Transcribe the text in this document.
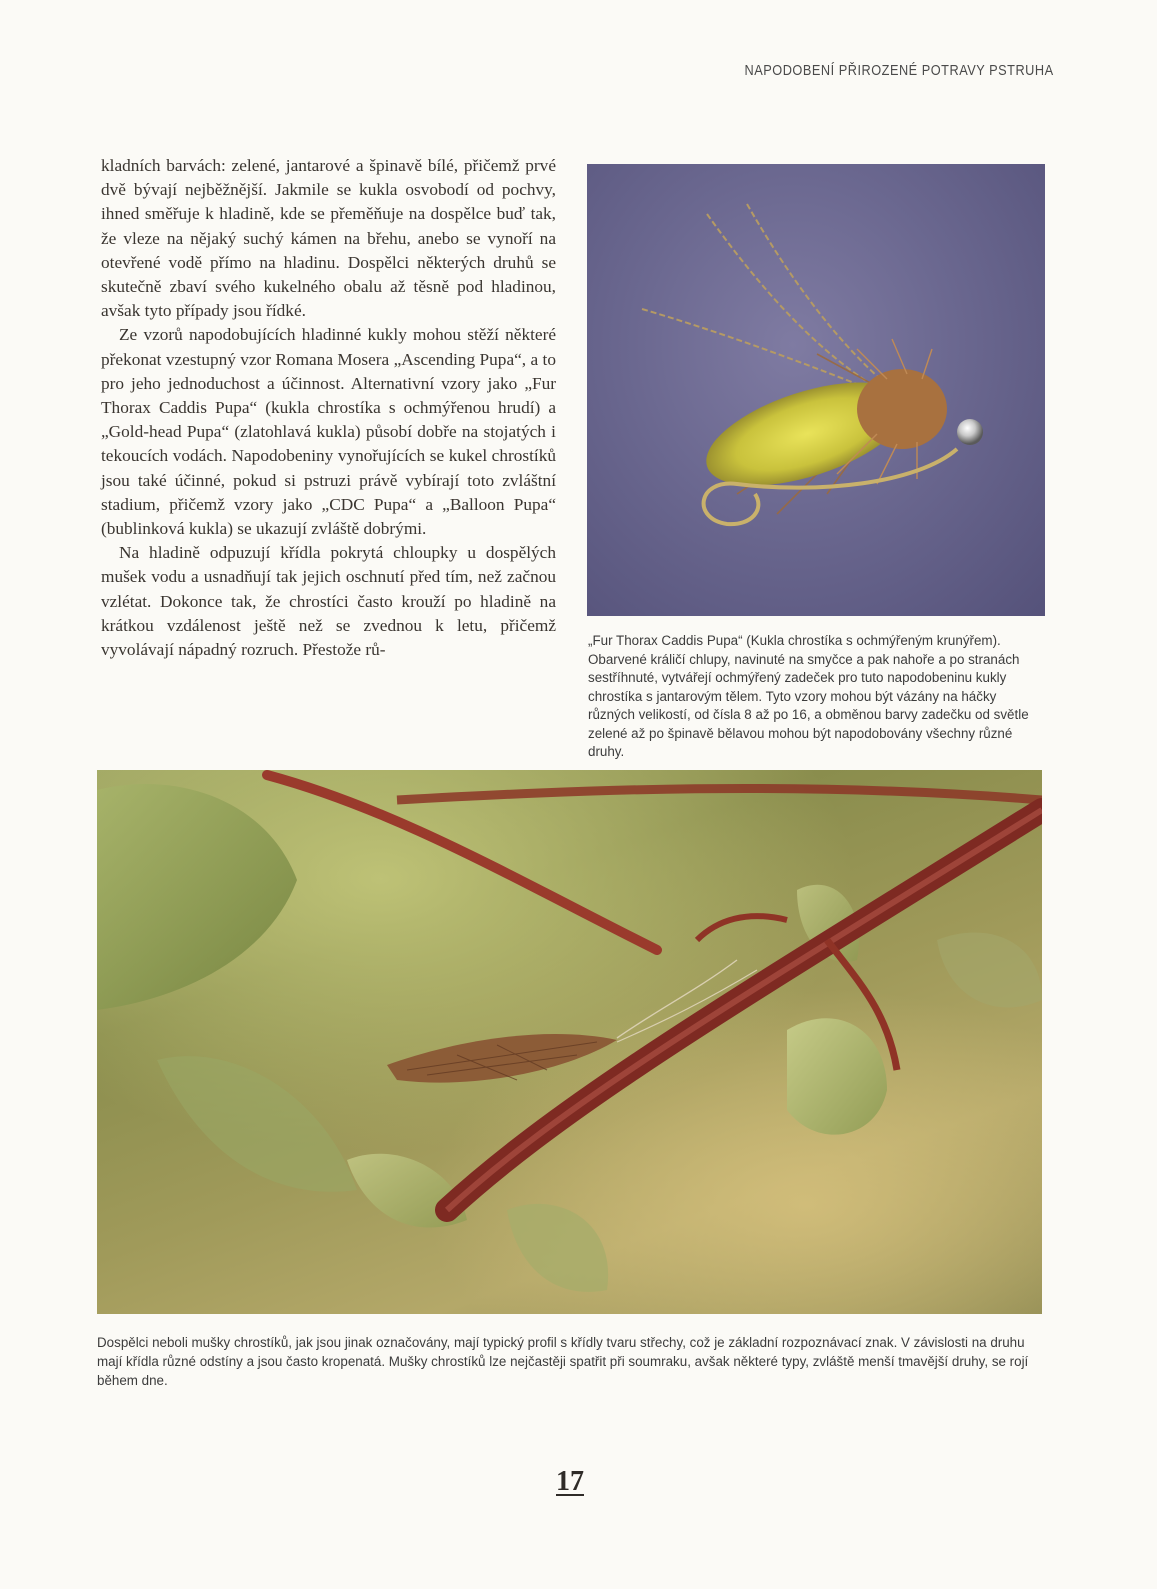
NAPODOBENÍ PŘIROZENÉ POTRAVY PSTRUHA

kladních barvách: zelené, jantarové a špinavě bílé, přičemž prvé dvě bývají nejběžnější. Jakmile se kukla osvobodí od pochvy, ihned směřuje k hladině, kde se přeměňuje na dospělce buď tak, že vleze na nějaký suchý kámen na břehu, anebo se vynoří na otevřené vodě přímo na hladinu. Dospělci některých druhů se skutečně zbaví svého kukelného obalu až těsně pod hladinou, avšak tyto případy jsou řídké.

Ze vzorů napodobujících hladinné kukly mohou stěží některé překonat vzestupný vzor Romana Mosera „Ascending Pupa“, a to pro jeho jednoduchost a účinnost. Alternativní vzory jako „Fur Thorax Caddis Pupa“ (kukla chrostíka s ochmýřenou hrudí) a „Gold-head Pupa“ (zlatohlavá kukla) působí dobře na stojatých i tekoucích vodách. Napodobeniny vynořujících se kukel chrostíků jsou také účinné, pokud si pstruzi právě vybírají toto zvláštní stadium, přičemž vzory jako „CDC Pupa“ a „Balloon Pupa“ (bublinková kukla) se ukazují zvláště dobrými.

Na hladině odpuzují křídla pokrytá chloupky u dospělých mušek vodu a usnadňují tak jejich oschnutí před tím, než začnou vzlétat. Dokonce tak, že chrostíci často krouží po hladině na krátkou vzdálenost ještě než se zvednou k letu, přičemž vyvolávají nápadný rozruch. Přestože rů-	„Fur Thorax Caddis Pupa“ (Kukla chrostíka s ochmýřeným krunýřem). Obarvené králičí chlupy, navinuté na smyčce a pak nahoře a po stranách sestříhnuté, vytvářejí ochmýřený zadeček pro tuto napodobeninu kukly chrostíka s jantarovým tělem. Tyto vzory mohou být vázány na háčky různých velikostí, od čísla 8 až po 16, a obměnou barvy zadečku od světle zelené až po špinavě bělavou mohou být napodobovány všechny různé druhy.
Dospělci neboli mušky chrostíků, jak jsou jinak označovány, mají typický profil s křídly tvaru střechy, což je základní rozpoznávací znak. V závislosti na druhu mají křídla různé odstíny a jsou často kropenatá. Mušky chrostíků lze nejčastěji spatřit při soumraku, avšak některé typy, zvláště menší tmavější druhy, se rojí během dne.
17
